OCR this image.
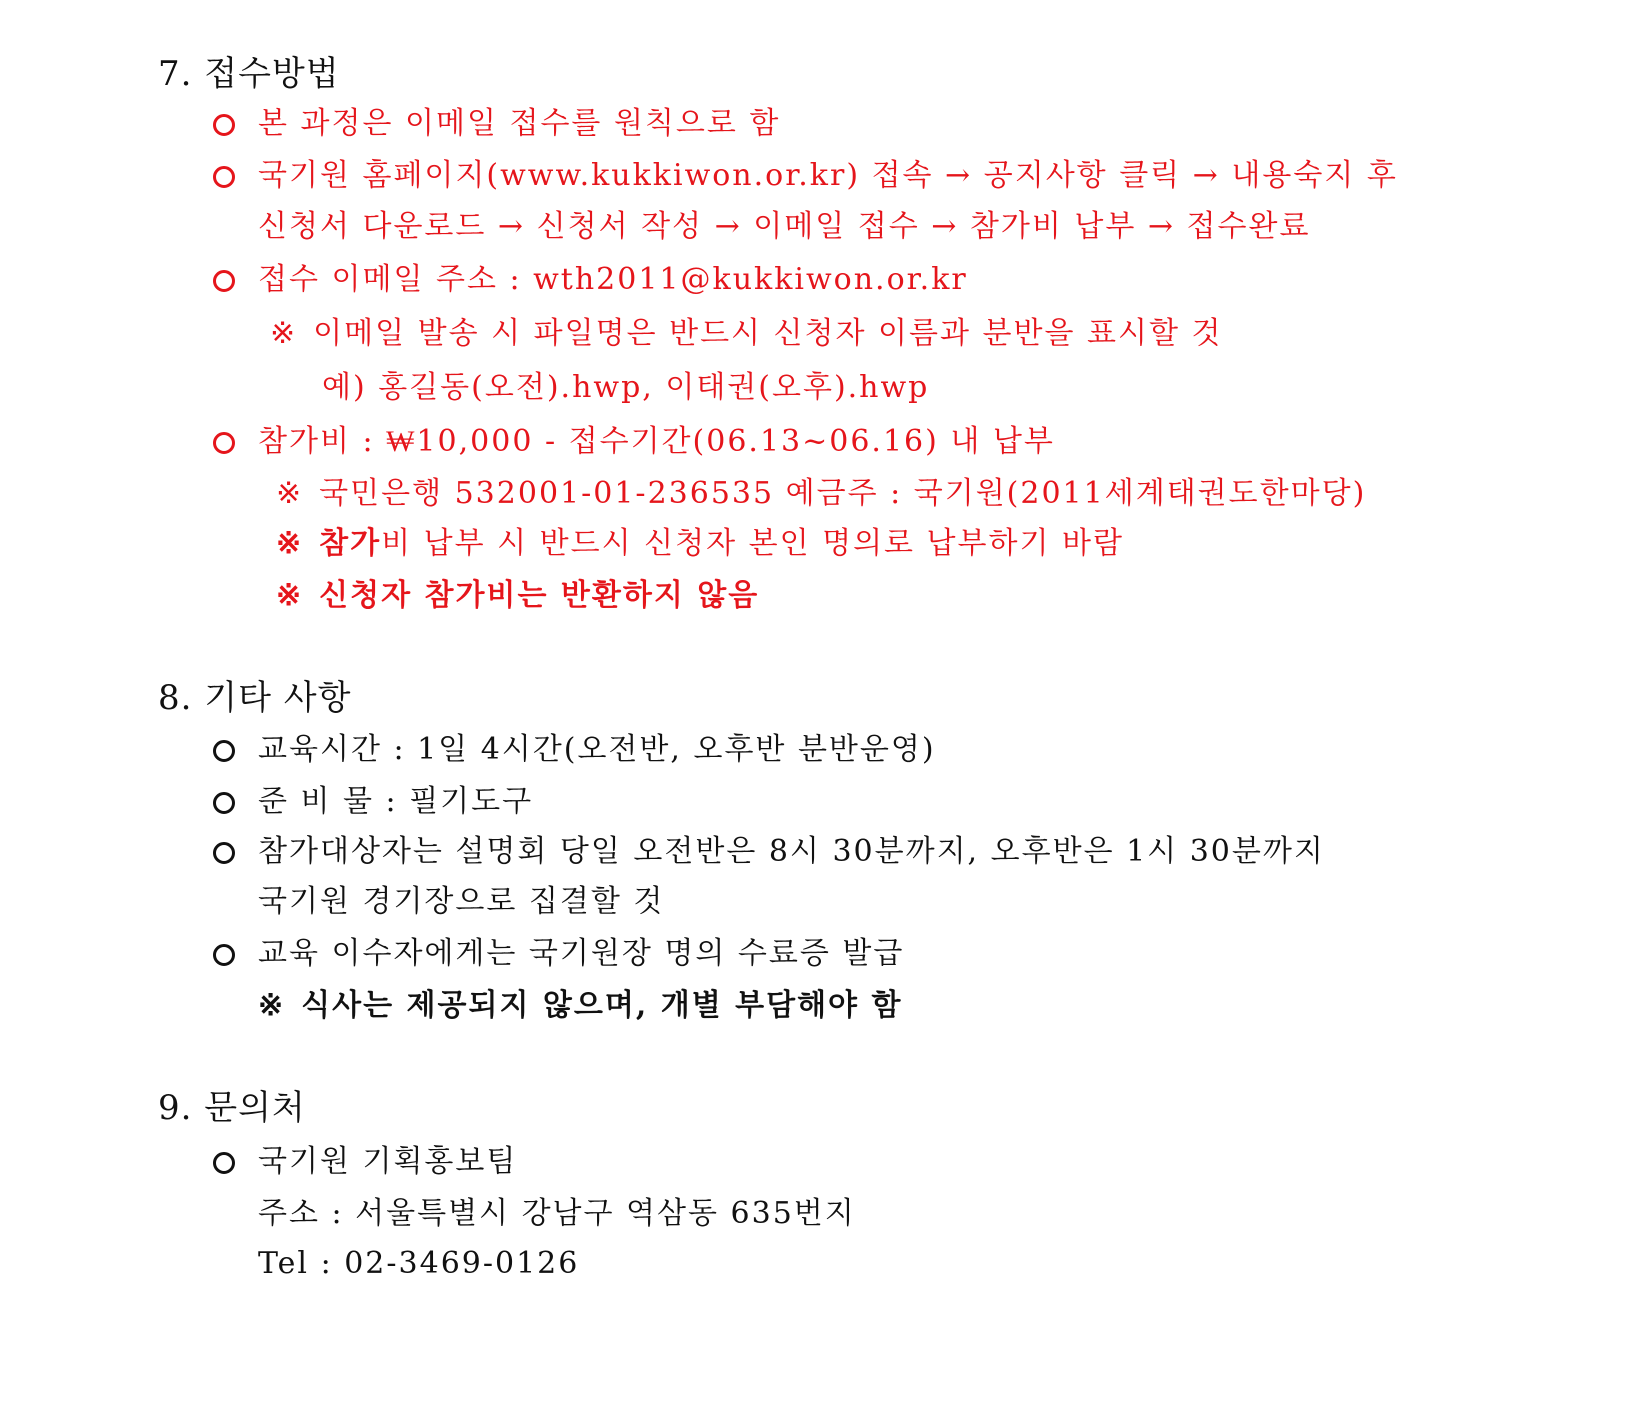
7. 접수방법
본 과정은 이메일 접수를 원칙으로 함
국기원 홈페이지(www.kukkiwon.or.kr) 접속 → 공지사항 클릭 → 내용숙지 후
신청서 다운로드 → 신청서 작성 → 이메일 접수 → 참가비 납부 → 접수완료
접수 이메일 주소 : wth2011@kukkiwon.or.kr
※ 이메일 발송 시 파일명은 반드시 신청자 이름과 분반을 표시할 것
예) 홍길동(오전).hwp, 이태권(오후).hwp
참가비 : ₩10,000 - 접수기간(06.13~06.16) 내 납부
※ 국민은행 532001-01-236535 예금주 : 국기원(2011세계태권도한마당)
※ 참가비 납부 시 반드시 신청자 본인 명의로 납부하기 바람
※ 신청자 참가비는 반환하지 않음
8. 기타 사항
교육시간 : 1일 4시간(오전반, 오후반 분반운영)
준 비 물 : 필기도구
참가대상자는 설명회 당일 오전반은 8시 30분까지, 오후반은 1시 30분까지
국기원 경기장으로 집결할 것
교육 이수자에게는 국기원장 명의 수료증 발급
※ 식사는 제공되지 않으며, 개별 부담해야 함
9. 문의처
국기원 기획홍보팀
주소 : 서울특별시 강남구 역삼동 635번지
Tel : 02-3469-0126
